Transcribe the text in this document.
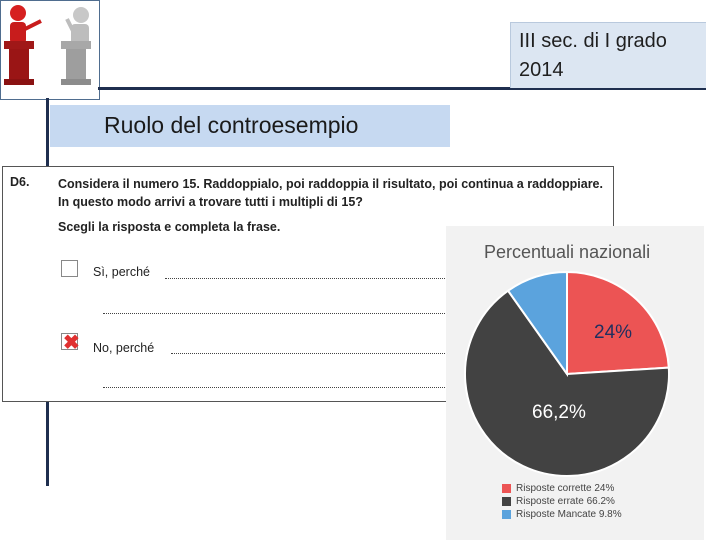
III sec. di I grado
2014
Ruolo del controesempio
D6. Considera il numero 15. Raddoppialo, poi raddoppia il risultato, poi continua a raddoppiare. In questo modo arrivi a trovare tutti i multipli di 15?
Scegli la risposta e completa la frase.
Sì, perché
✖ No, perché
Percentuali nazionali
24%
66,2%
Risposte corrette 24%
Risposte errate 66.2%
Risposte Mancate 9.8%
